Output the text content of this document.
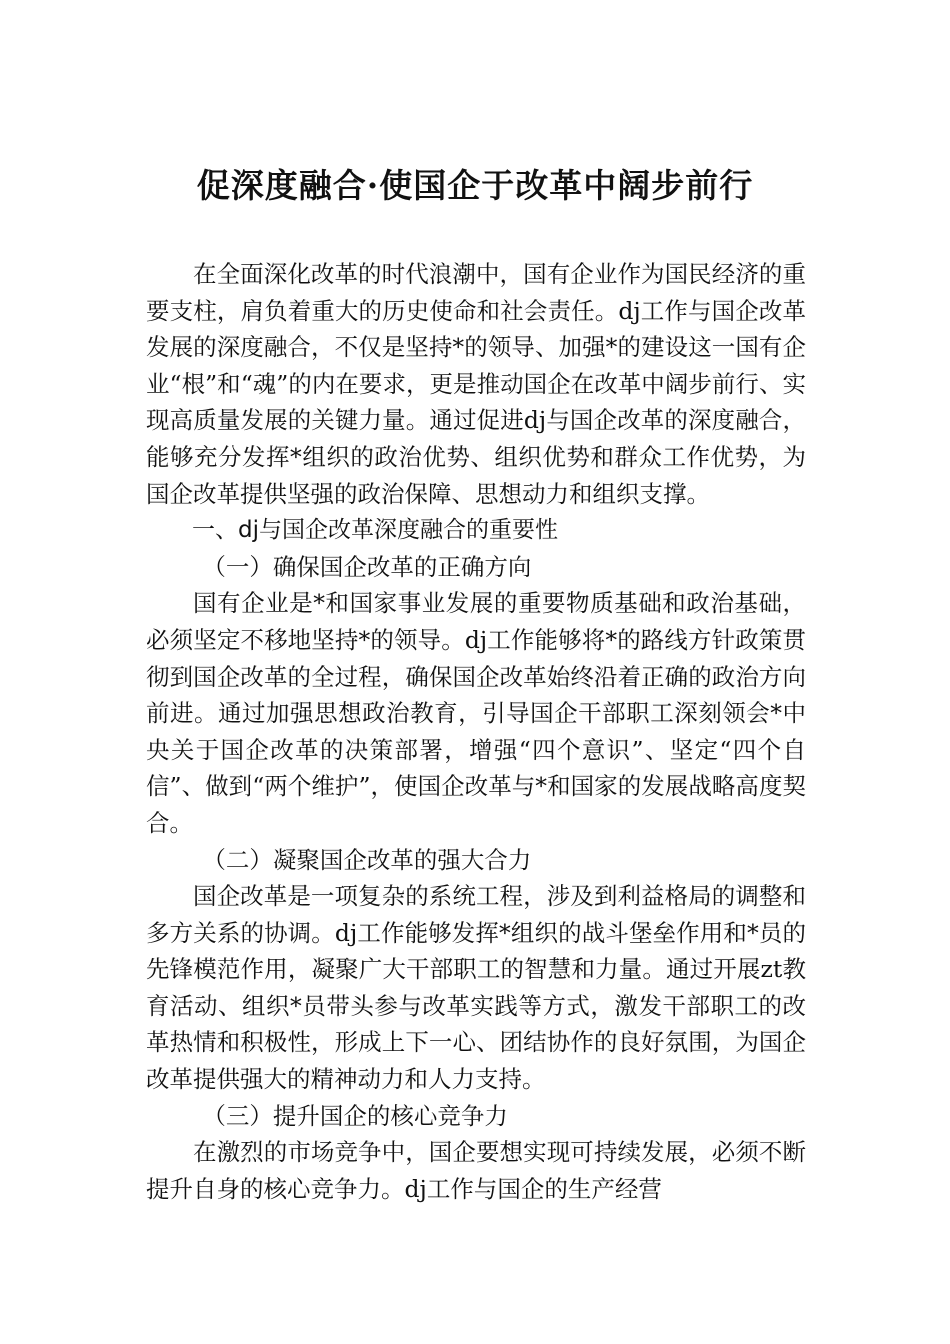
促深度融合·使国企于改革中阔步前行

在全面深化改革的时代浪潮中，国有企业作为国民经济的重要支柱，肩负着重大的历史使命和社会责任。dj工作与国企改革发展的深度融合，不仅是坚持*的领导、加强*的建设这一国有企业“根”和“魂”的内在要求，更是推动国企在改革中阔步前行、实现高质量发展的关键力量。通过促进dj与国企改革的深度融合，能够充分发挥*组织的政治优势、组织优势和群众工作优势，为国企改革提供坚强的政治保障、思想动力和组织支撑。

一、dj与国企改革深度融合的重要性

（一）确保国企改革的正确方向

国有企业是*和国家事业发展的重要物质基础和政治基础，必须坚定不移地坚持*的领导。dj工作能够将*的路线方针政策贯彻到国企改革的全过程，确保国企改革始终沿着正确的政治方向前进。通过加强思想政治教育，引导国企干部职工深刻领会*中央关于国企改革的决策部署，增强“四个意识”、坚定“四个自信”、做到“两个维护”，使国企改革与*和国家的发展战略高度契合。

（二）凝聚国企改革的强大合力

国企改革是一项复杂的系统工程，涉及到利益格局的调整和多方关系的协调。dj工作能够发挥*组织的战斗堡垒作用和*员的先锋模范作用，凝聚广大干部职工的智慧和力量。通过开展zt教育活动、组织*员带头参与改革实践等方式，激发干部职工的改革热情和积极性，形成上下一心、团结协作的良好氛围，为国企改革提供强大的精神动力和人力支持。

（三）提升国企的核心竞争力

在激烈的市场竞争中，国企要想实现可持续发展，必须不断提升自身的核心竞争力。dj工作与国企的生产经营
